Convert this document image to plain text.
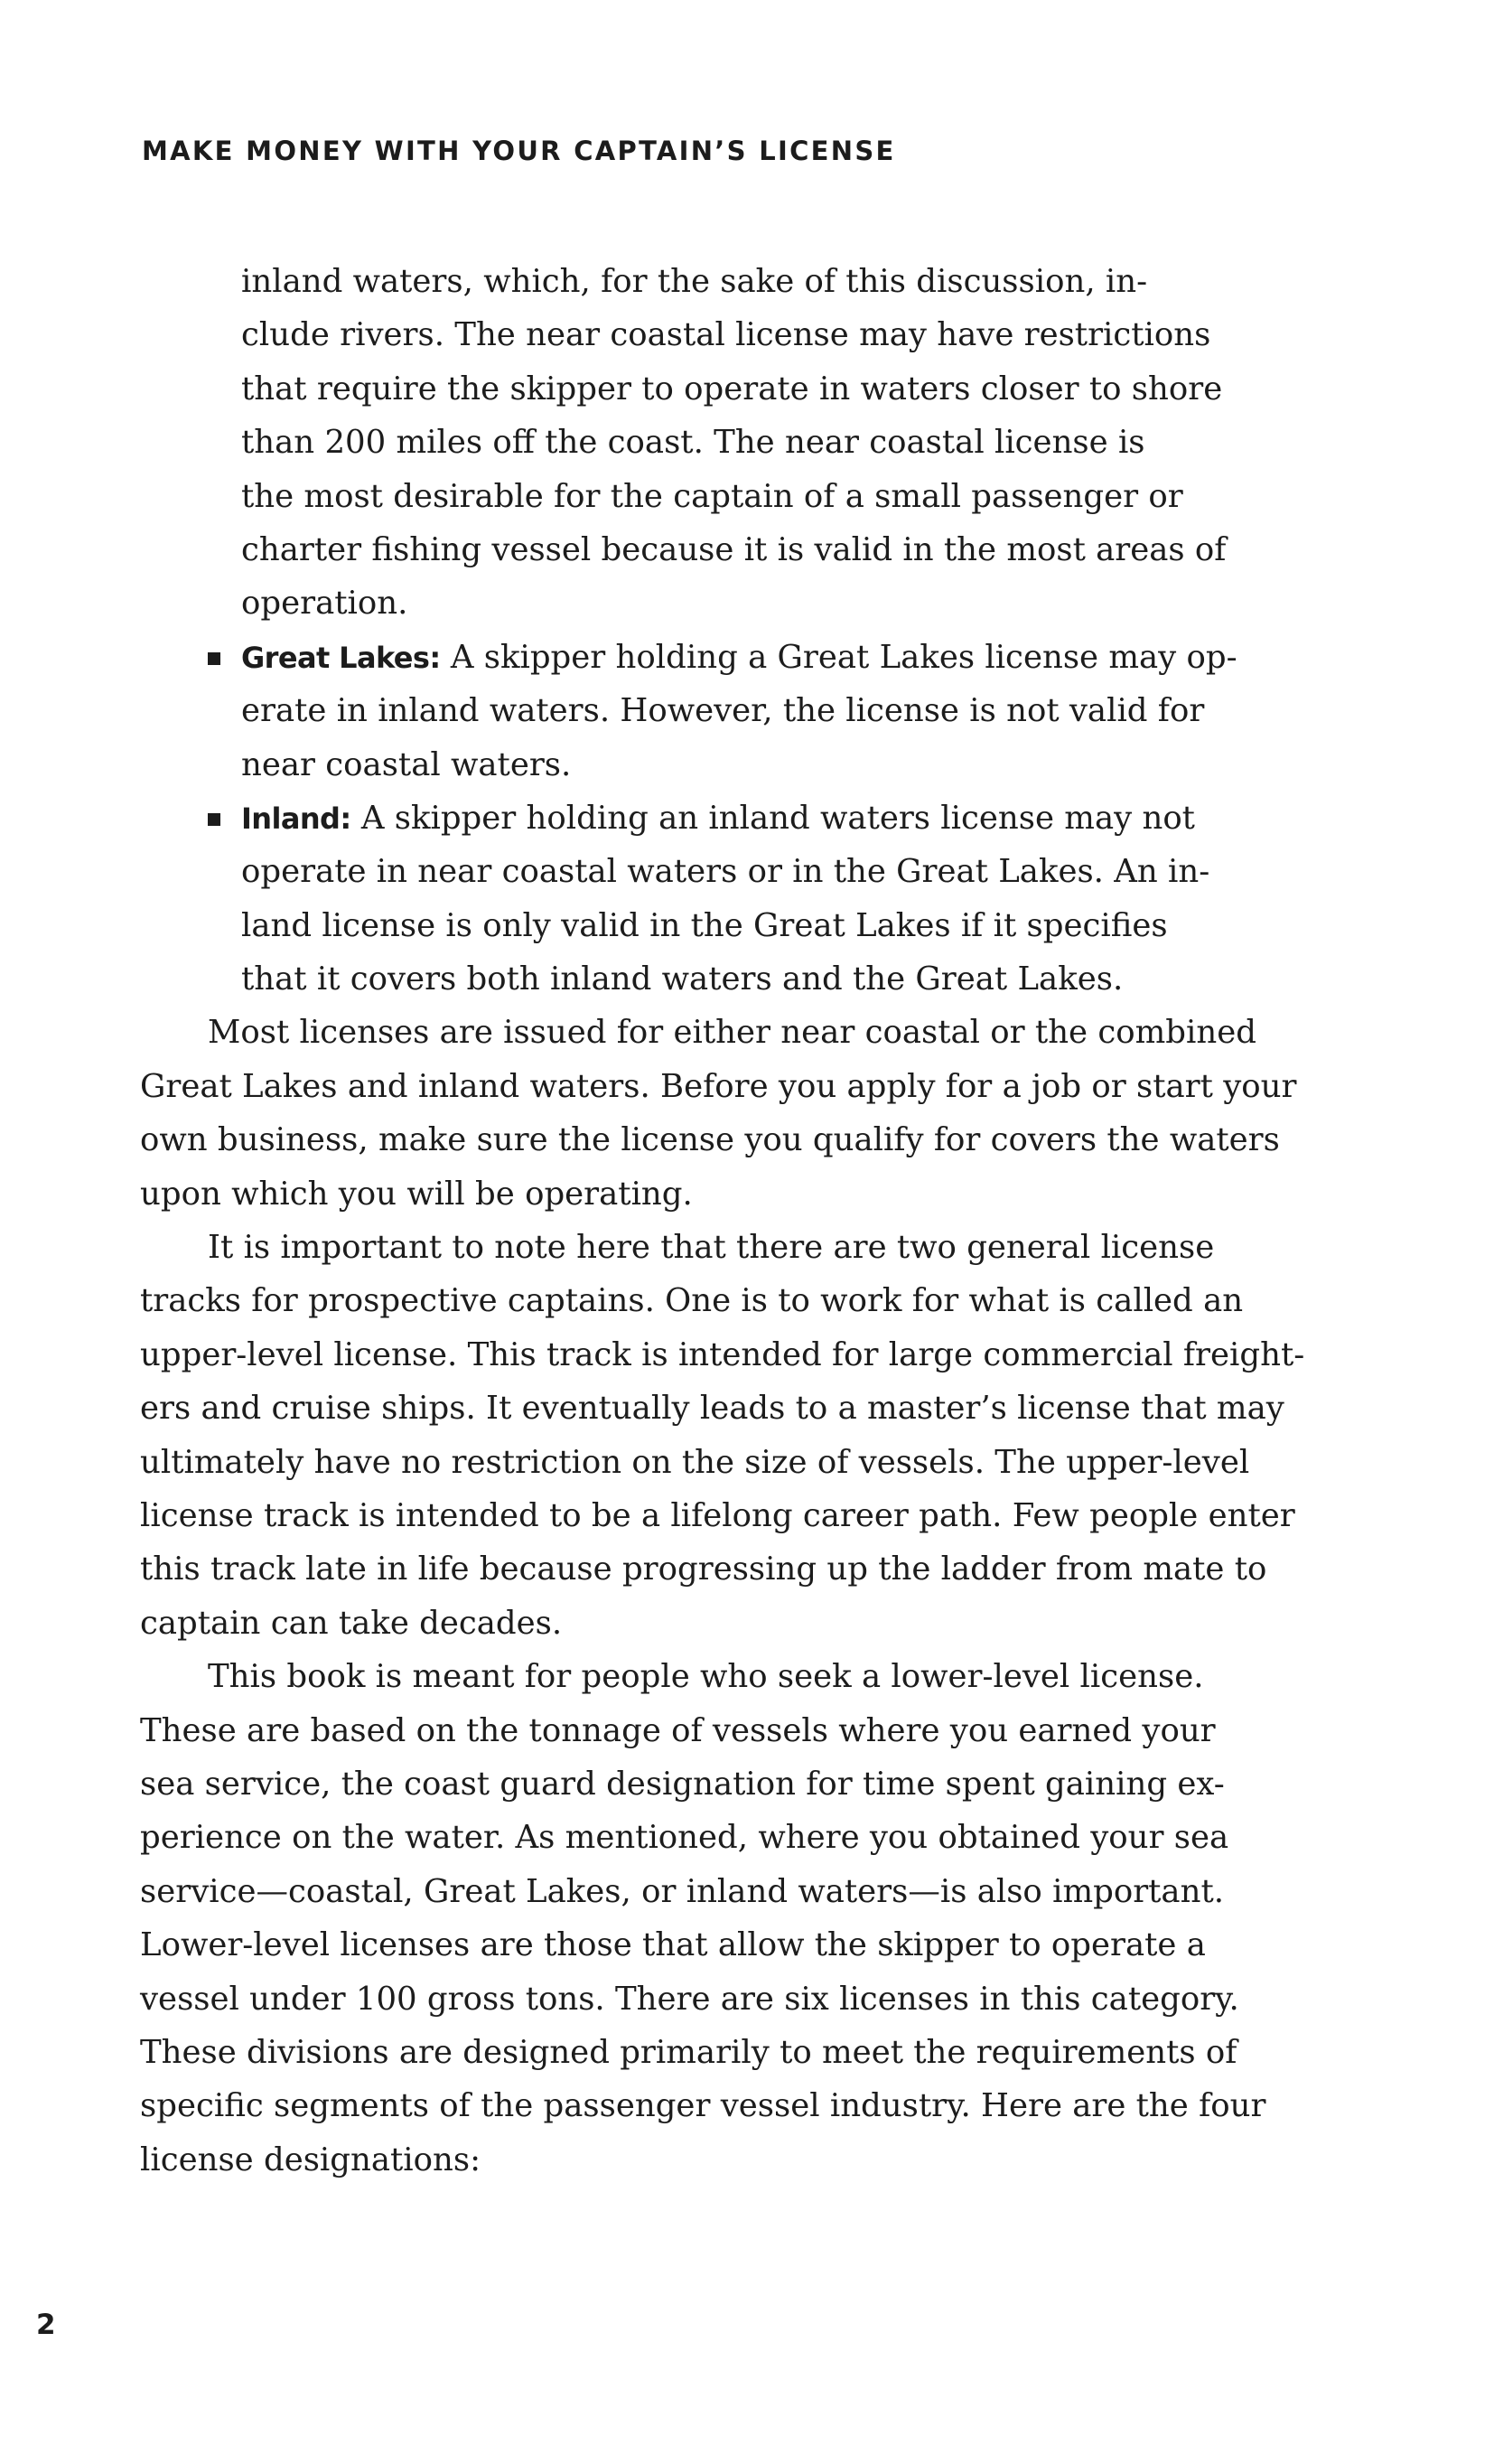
MAKE MONEY WITH YOUR CAPTAIN’S LICENSE
inland waters, which, for the sake of this discussion, in-
clude rivers. The near coastal license may have restrictions
that require the skipper to operate in waters closer to shore
than 200 miles off the coast. The near coastal license is
the most desirable for the captain of a small passenger or
charter fishing vessel because it is valid in the most areas of
operation.
Great Lakes: A skipper holding a Great Lakes license may op-
erate in inland waters. However, the license is not valid for
near coastal waters.
Inland: A skipper holding an inland waters license may not
operate in near coastal waters or in the Great Lakes. An in-
land license is only valid in the Great Lakes if it specifies
that it covers both inland waters and the Great Lakes.
Most licenses are issued for either near coastal or the combined
Great Lakes and inland waters. Before you apply for a job or start your
own business, make sure the license you qualify for covers the waters
upon which you will be operating.
It is important to note here that there are two general license
tracks for prospective captains. One is to work for what is called an
upper-level license. This track is intended for large commercial freight-
ers and cruise ships. It eventually leads to a master’s license that may
ultimately have no restriction on the size of vessels. The upper-level
license track is intended to be a lifelong career path. Few people enter
this track late in life because progressing up the ladder from mate to
captain can take decades.
This book is meant for people who seek a lower-level license.
These are based on the tonnage of vessels where you earned your
sea service, the coast guard designation for time spent gaining ex-
perience on the water. As mentioned, where you obtained your sea
service—coastal, Great Lakes, or inland waters—is also important.
Lower-level licenses are those that allow the skipper to operate a
vessel under 100 gross tons. There are six licenses in this category.
These divisions are designed primarily to meet the requirements of
specific segments of the passenger vessel industry. Here are the four
license designations:
2
